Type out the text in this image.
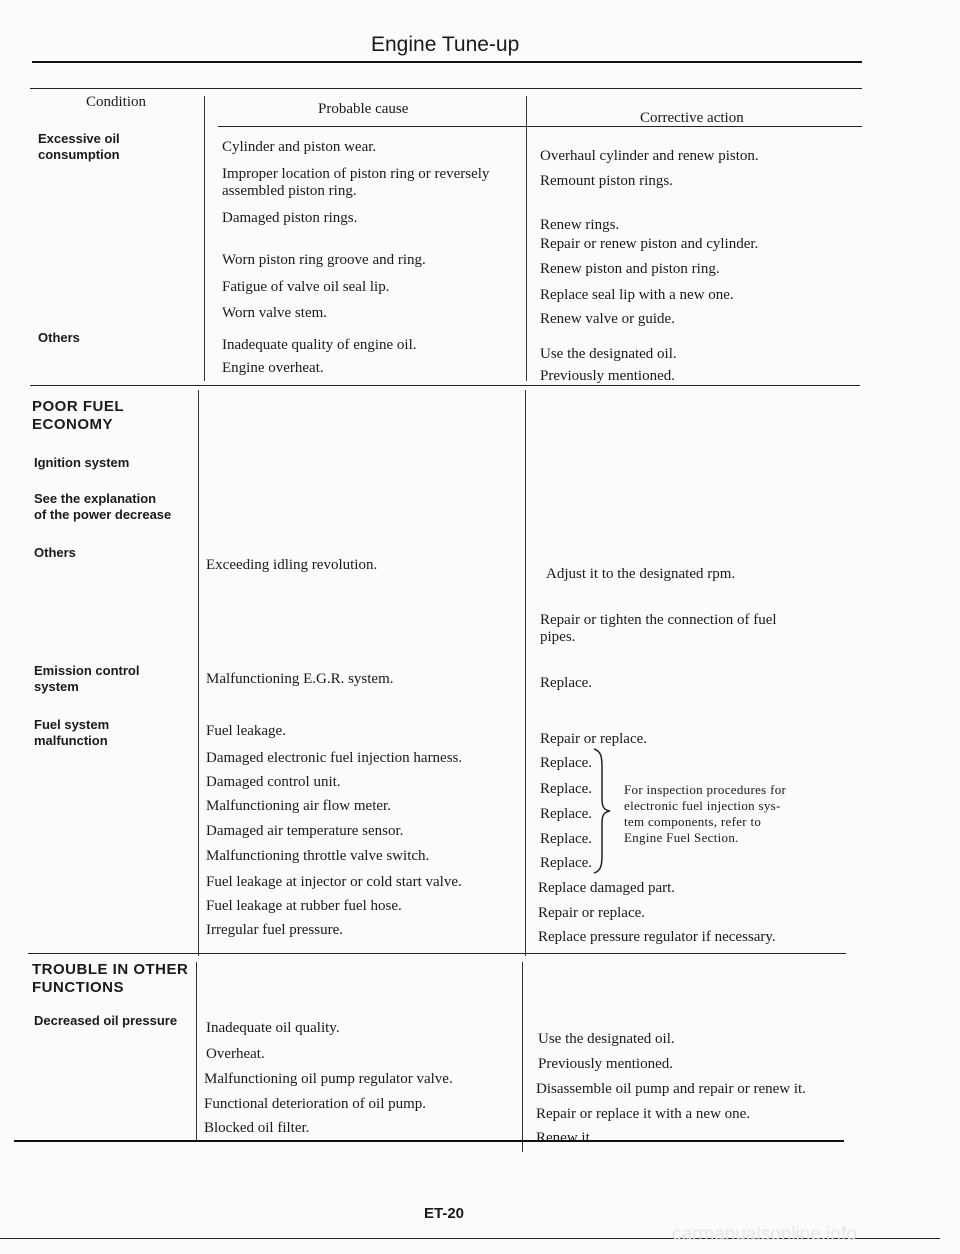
Engine Tune-up
Condition	Probable cause
Corrective action
Excessive oil
consumption
Others
Cylinder and piston wear.
Improper location of piston ring or reversely
assembled piston ring.
Damaged piston rings.
Worn piston ring groove and ring.
Fatigue of valve oil seal lip.
Worn valve stem.
Inadequate quality of engine oil.
Engine overheat.
Overhaul cylinder and renew piston.
Remount piston rings.
Renew rings.
Repair or renew piston and cylinder.
Renew piston and piston ring.
Replace seal lip with a new one.
Renew valve or guide.
Use the designated oil.
Previously mentioned.
POOR FUEL
ECONOMY
Ignition system
See the explanation
of the power decrease
Others
Emission control
system
Fuel system
malfunction
Exceeding idling revolution.
Malfunctioning E.G.R. system.
Fuel leakage.
Damaged electronic fuel injection harness.
Damaged control unit.
Malfunctioning air flow meter.
Damaged air temperature sensor.
Malfunctioning throttle valve switch.
Fuel leakage at injector or cold start valve.
Fuel leakage at rubber fuel hose.
Irregular fuel pressure.
Adjust it to the designated rpm.
Repair or tighten the connection of fuel
pipes.
Replace.
Repair or replace.
Replace.
Replace.
Replace.
Replace.
Replace.
Replace damaged part.
Repair or replace.
Replace pressure regulator if necessary.
For inspection procedures for
electronic fuel injection sys-
tem components, refer to
Engine Fuel Section.
TROUBLE IN OTHER
FUNCTIONS
Decreased oil pressure Inadequate oil quality.
Overheat.
Malfunctioning oil pump regulator valve.
Functional deterioration of oil pump.
Blocked oil filter.
Use the designated oil.
Previously mentioned.
Disassemble oil pump and repair or renew it.
Repair or replace it with a new one.
Renew it.
ET-20
carmanualsonline.info
